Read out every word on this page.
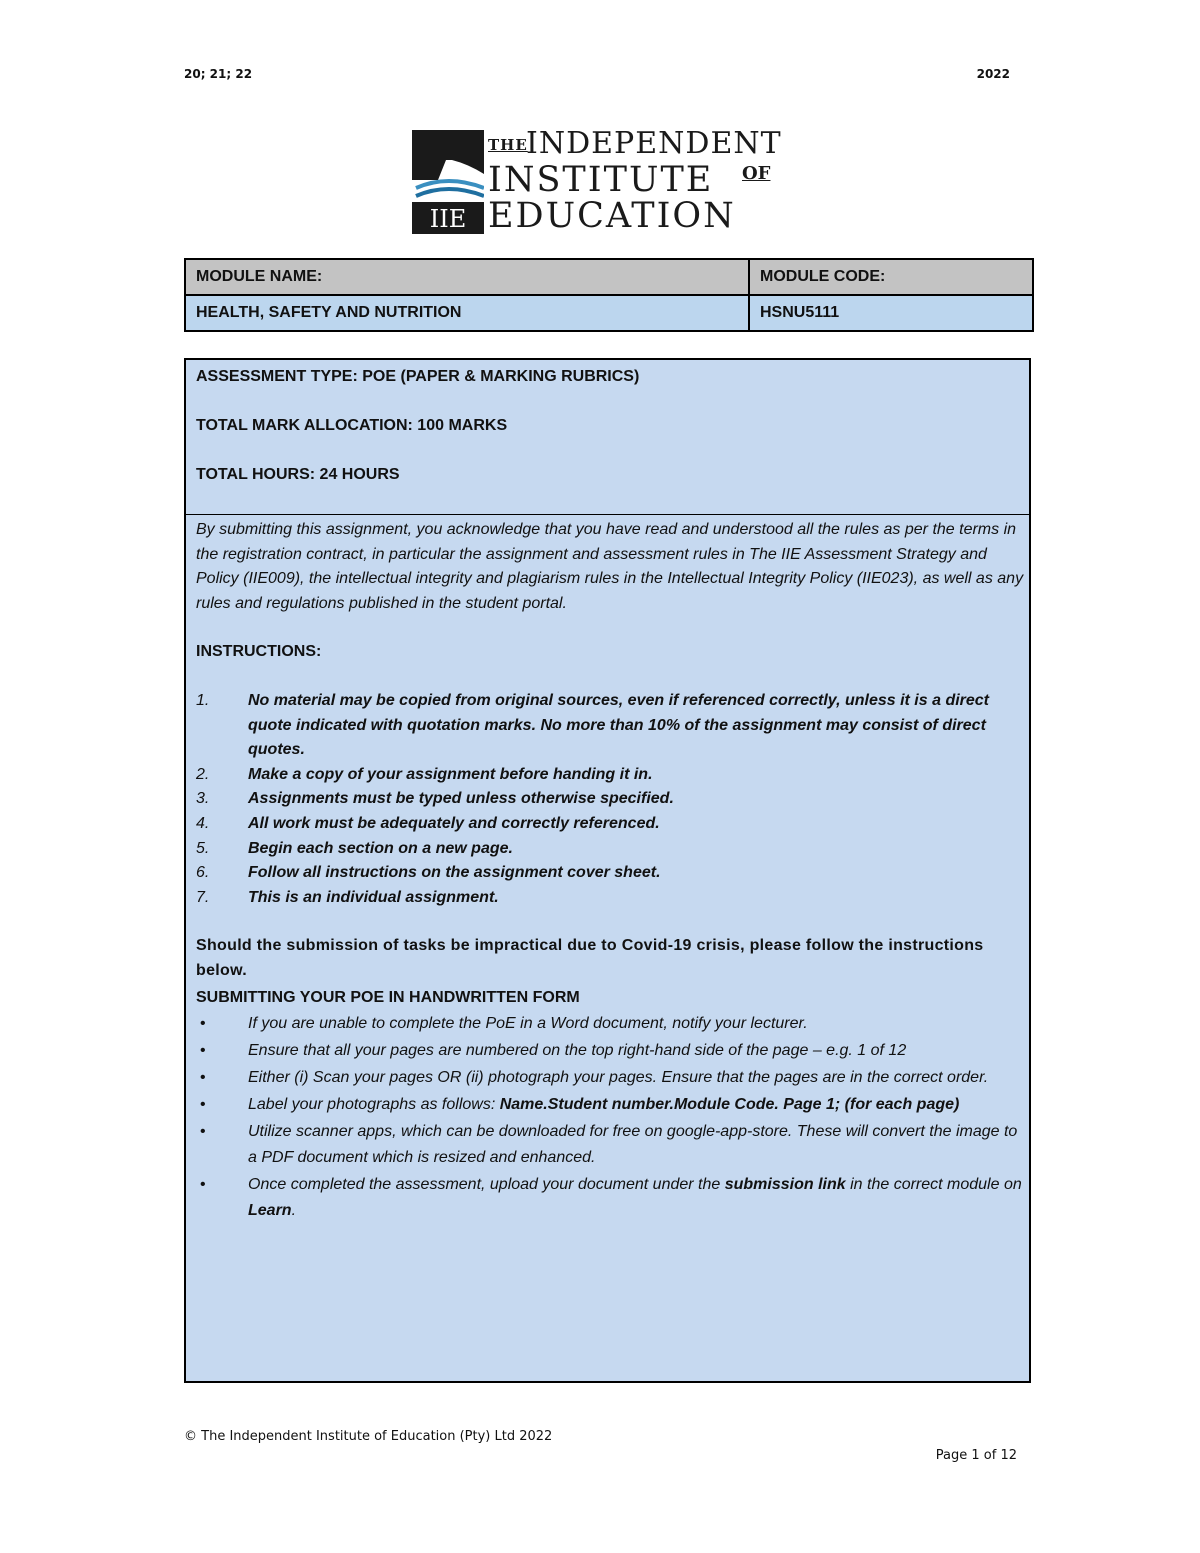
20; 21; 22	2022
IIE
THE
INDEPENDENT
INSTITUTE OF
EDUCATION
MODULE NAME:	MODULE CODE:
HEALTH, SAFETY AND NUTRITION	HSNU5111

ASSESSMENT TYPE: POE (PAPER & MARKING RUBRICS)

TOTAL MARK ALLOCATION: 100 MARKS

TOTAL HOURS: 24 HOURS

By submitting this assignment, you acknowledge that you have read and understood all the rules as per the terms in the registration contract, in particular the assignment and assessment rules in The IIE Assessment Strategy and Policy (IIE009), the intellectual integrity and plagiarism rules in the Intellectual Integrity Policy (IIE023), as well as any rules and regulations published in the student portal.

INSTRUCTIONS:

1. No material may be copied from original sources, even if referenced correctly, unless it is a direct quote indicated with quotation marks. No more than 10% of the assignment may consist of direct quotes.
2. Make a copy of your assignment before handing it in.
3. Assignments must be typed unless otherwise specified.
4. All work must be adequately and correctly referenced.
5. Begin each section on a new page.
6. Follow all instructions on the assignment cover sheet.
7. This is an individual assignment.

Should the submission of tasks be impractical due to Covid-19 crisis, please follow the instructions below.

SUBMITTING YOUR POE IN HANDWRITTEN FORM

•	If you are unable to complete the PoE in a Word document, notify your lecturer.
•	Ensure that all your pages are numbered on the top right-hand side of the page – e.g. 1 of 12
•	Either (i) Scan your pages OR (ii) photograph your pages. Ensure that the pages are in the correct order.
•	Label your photographs as follows: Name.Student number.Module Code. Page 1; (for each page)
•	Utilize scanner apps, which can be downloaded for free on google-app-store. These will convert the image to a PDF document which is resized and enhanced.
•	Once completed the assessment, upload your document under the submission link in the correct module on Learn.
© The Independent Institute of Education (Pty) Ltd 2022
Page 1 of 12
